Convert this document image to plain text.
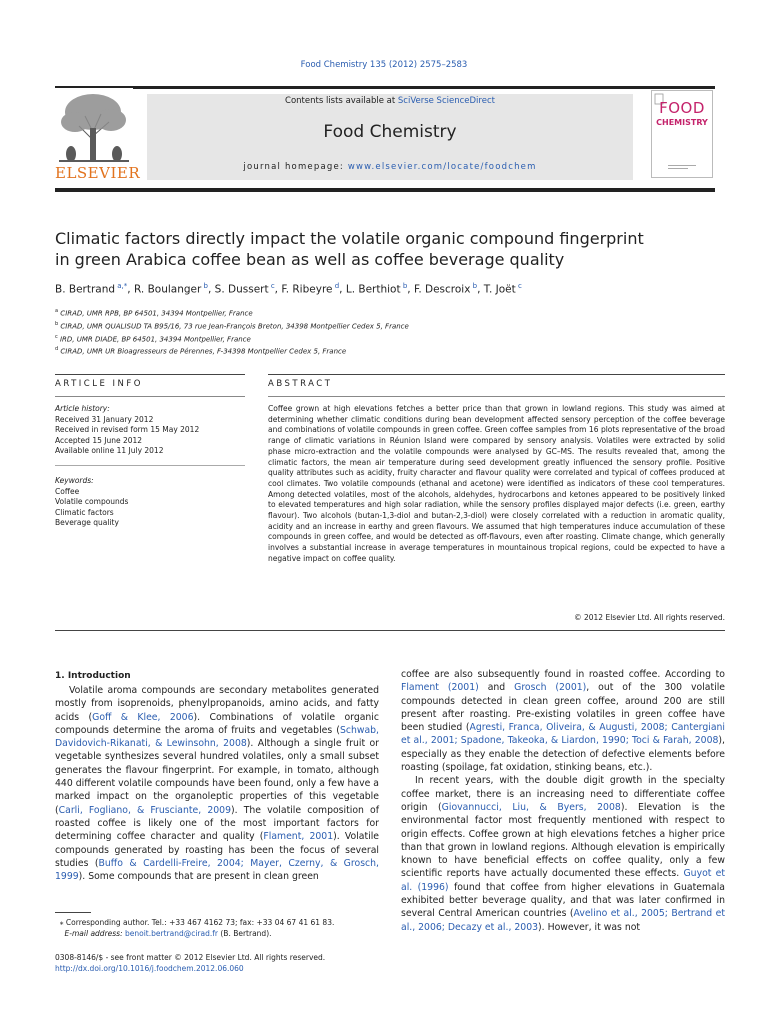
Food Chemistry 135 (2012) 2575–2583
ELSEVIER
Contents lists available at SciVerse ScienceDirect
Food Chemistry
journal homepage: www.elsevier.com/locate/foodchem
FOOD
CHEMISTRY
Climatic factors directly impact the volatile organic compound fingerprint
in green Arabica coffee bean as well as coffee beverage quality
B. Bertrand $^{a,*}$, R. Boulanger $^b$, S. Dussert $^c$, F. Ribeyre $^d$, L. Berthiot $^b$, F. Descroix $^b$, T. Joët $^c$
$^a$ CIRAD, UMR RPB, BP 64501, 34394 Montpellier, France
$^b$ CIRAD, UMR QUALISUD TA B95/16, 73 rue Jean-François Breton, 34398 Montpellier Cedex 5, France
$^c$ IRD, UMR DIADE, BP 64501, 34394 Montpellier, France
$^d$ CIRAD, UMR UR Bioagresseurs de Pérennes, F-34398 Montpellier Cedex 5, France
ARTICLE INFO	ABSTRACT
Article history:
Received 31 January 2012
Received in revised form 15 May 2012
Accepted 15 June 2012
Available online 11 July 2012
Keywords:
Coffee
Volatile compounds
Climatic factors
Beverage quality
Coffee grown at high elevations fetches a better price than that grown in lowland regions. This study was aimed at determining whether climatic conditions during bean development affected sensory perception of the coffee beverage and combinations of volatile compounds in green coffee. Green coffee samples from 16 plots representative of the broad range of climatic variations in Réunion Island were compared by sensory analysis. Volatiles were extracted by solid phase micro-extraction and the volatile compounds were analysed by GC–MS. The results revealed that, among the climatic factors, the mean air temperature during seed development greatly influenced the sensory profile. Positive quality attributes such as acidity, fruity character and flavour quality were correlated and typical of coffees produced at cool climates. Two volatile compounds (ethanal and acetone) were identified as indicators of these cool temperatures. Among detected volatiles, most of the alcohols, aldehydes, hydrocarbons and ketones appeared to be positively linked to elevated temperatures and high solar radiation, while the sensory profiles displayed major defects (i.e. green, earthy flavour). Two alcohols (butan-1,3-diol and butan-2,3-diol) were closely correlated with a reduction in aromatic quality, acidity and an increase in earthy and green flavours. We assumed that high temperatures induce accumulation of these compounds in green coffee, and would be detected as off-flavours, even after roasting. Climate change, which generally involves a substantial increase in average temperatures in mountainous tropical regions, could be expected to have a negative impact on coffee quality.
© 2012 Elsevier Ltd. All rights reserved.
1. Introduction

Volatile aroma compounds are secondary metabolites generated mostly from isoprenoids, phenylpropanoids, amino acids, and fatty acids (Goff & Klee, 2006). Combinations of volatile organic compounds determine the aroma of fruits and vegetables (Schwab, Davidovich-Rikanati, & Lewinsohn, 2008). Although a single fruit or vegetable synthesizes several hundred volatiles, only a small subset generates the flavour fingerprint. For example, in tomato, although 440 different volatile compounds have been found, only a few have a marked impact on the organoleptic properties of this vegetable (Carli, Fogliano, & Frusciante, 2009). The volatile composition of roasted coffee is likely one of the most important factors for determining coffee character and quality (Flament, 2001). Volatile compounds generated by roasting has been the focus of several studies (Buffo & Cardelli-Freire, 2004; Mayer, Czerny, & Grosch, 1999). Some compounds that are present in clean green

coffee are also subsequently found in roasted coffee. According to Flament (2001) and Grosch (2001), out of the 300 volatile compounds detected in clean green coffee, around 200 are still present after roasting. Pre-existing volatiles in green coffee have been studied (Agresti, Franca, Oliveira, & Augusti, 2008; Cantergiani et al., 2001; Spadone, Takeoka, & Liardon, 1990; Toci & Farah, 2008), especially as they enable the detection of defective elements before roasting (spoilage, fat oxidation, stinking beans, etc.).

In recent years, with the double digit growth in the specialty coffee market, there is an increasing need to differentiate coffee origin (Giovannucci, Liu, & Byers, 2008). Elevation is the environmental factor most frequently mentioned with respect to origin effects. Coffee grown at high elevations fetches a higher price than that grown in lowland regions. Although elevation is empirically known to have beneficial effects on coffee quality, only a few scientific reports have actually documented these effects. Guyot et al. (1996) found that coffee from higher elevations in Guatemala exhibited better beverage quality, and that was later confirmed in several Central American countries (Avelino et al., 2005; Bertrand et al., 2006; Decazy et al., 2003). However, it was not

⁎ Corresponding author. Tel.: +33 467 4162 73; fax: +33 04 67 41 61 83.
E-mail address: benoit.bertrand@cirad.fr (B. Bertrand).
0308-8146/$ - see front matter © 2012 Elsevier Ltd. All rights reserved.
http://dx.doi.org/10.1016/j.foodchem.2012.06.060
